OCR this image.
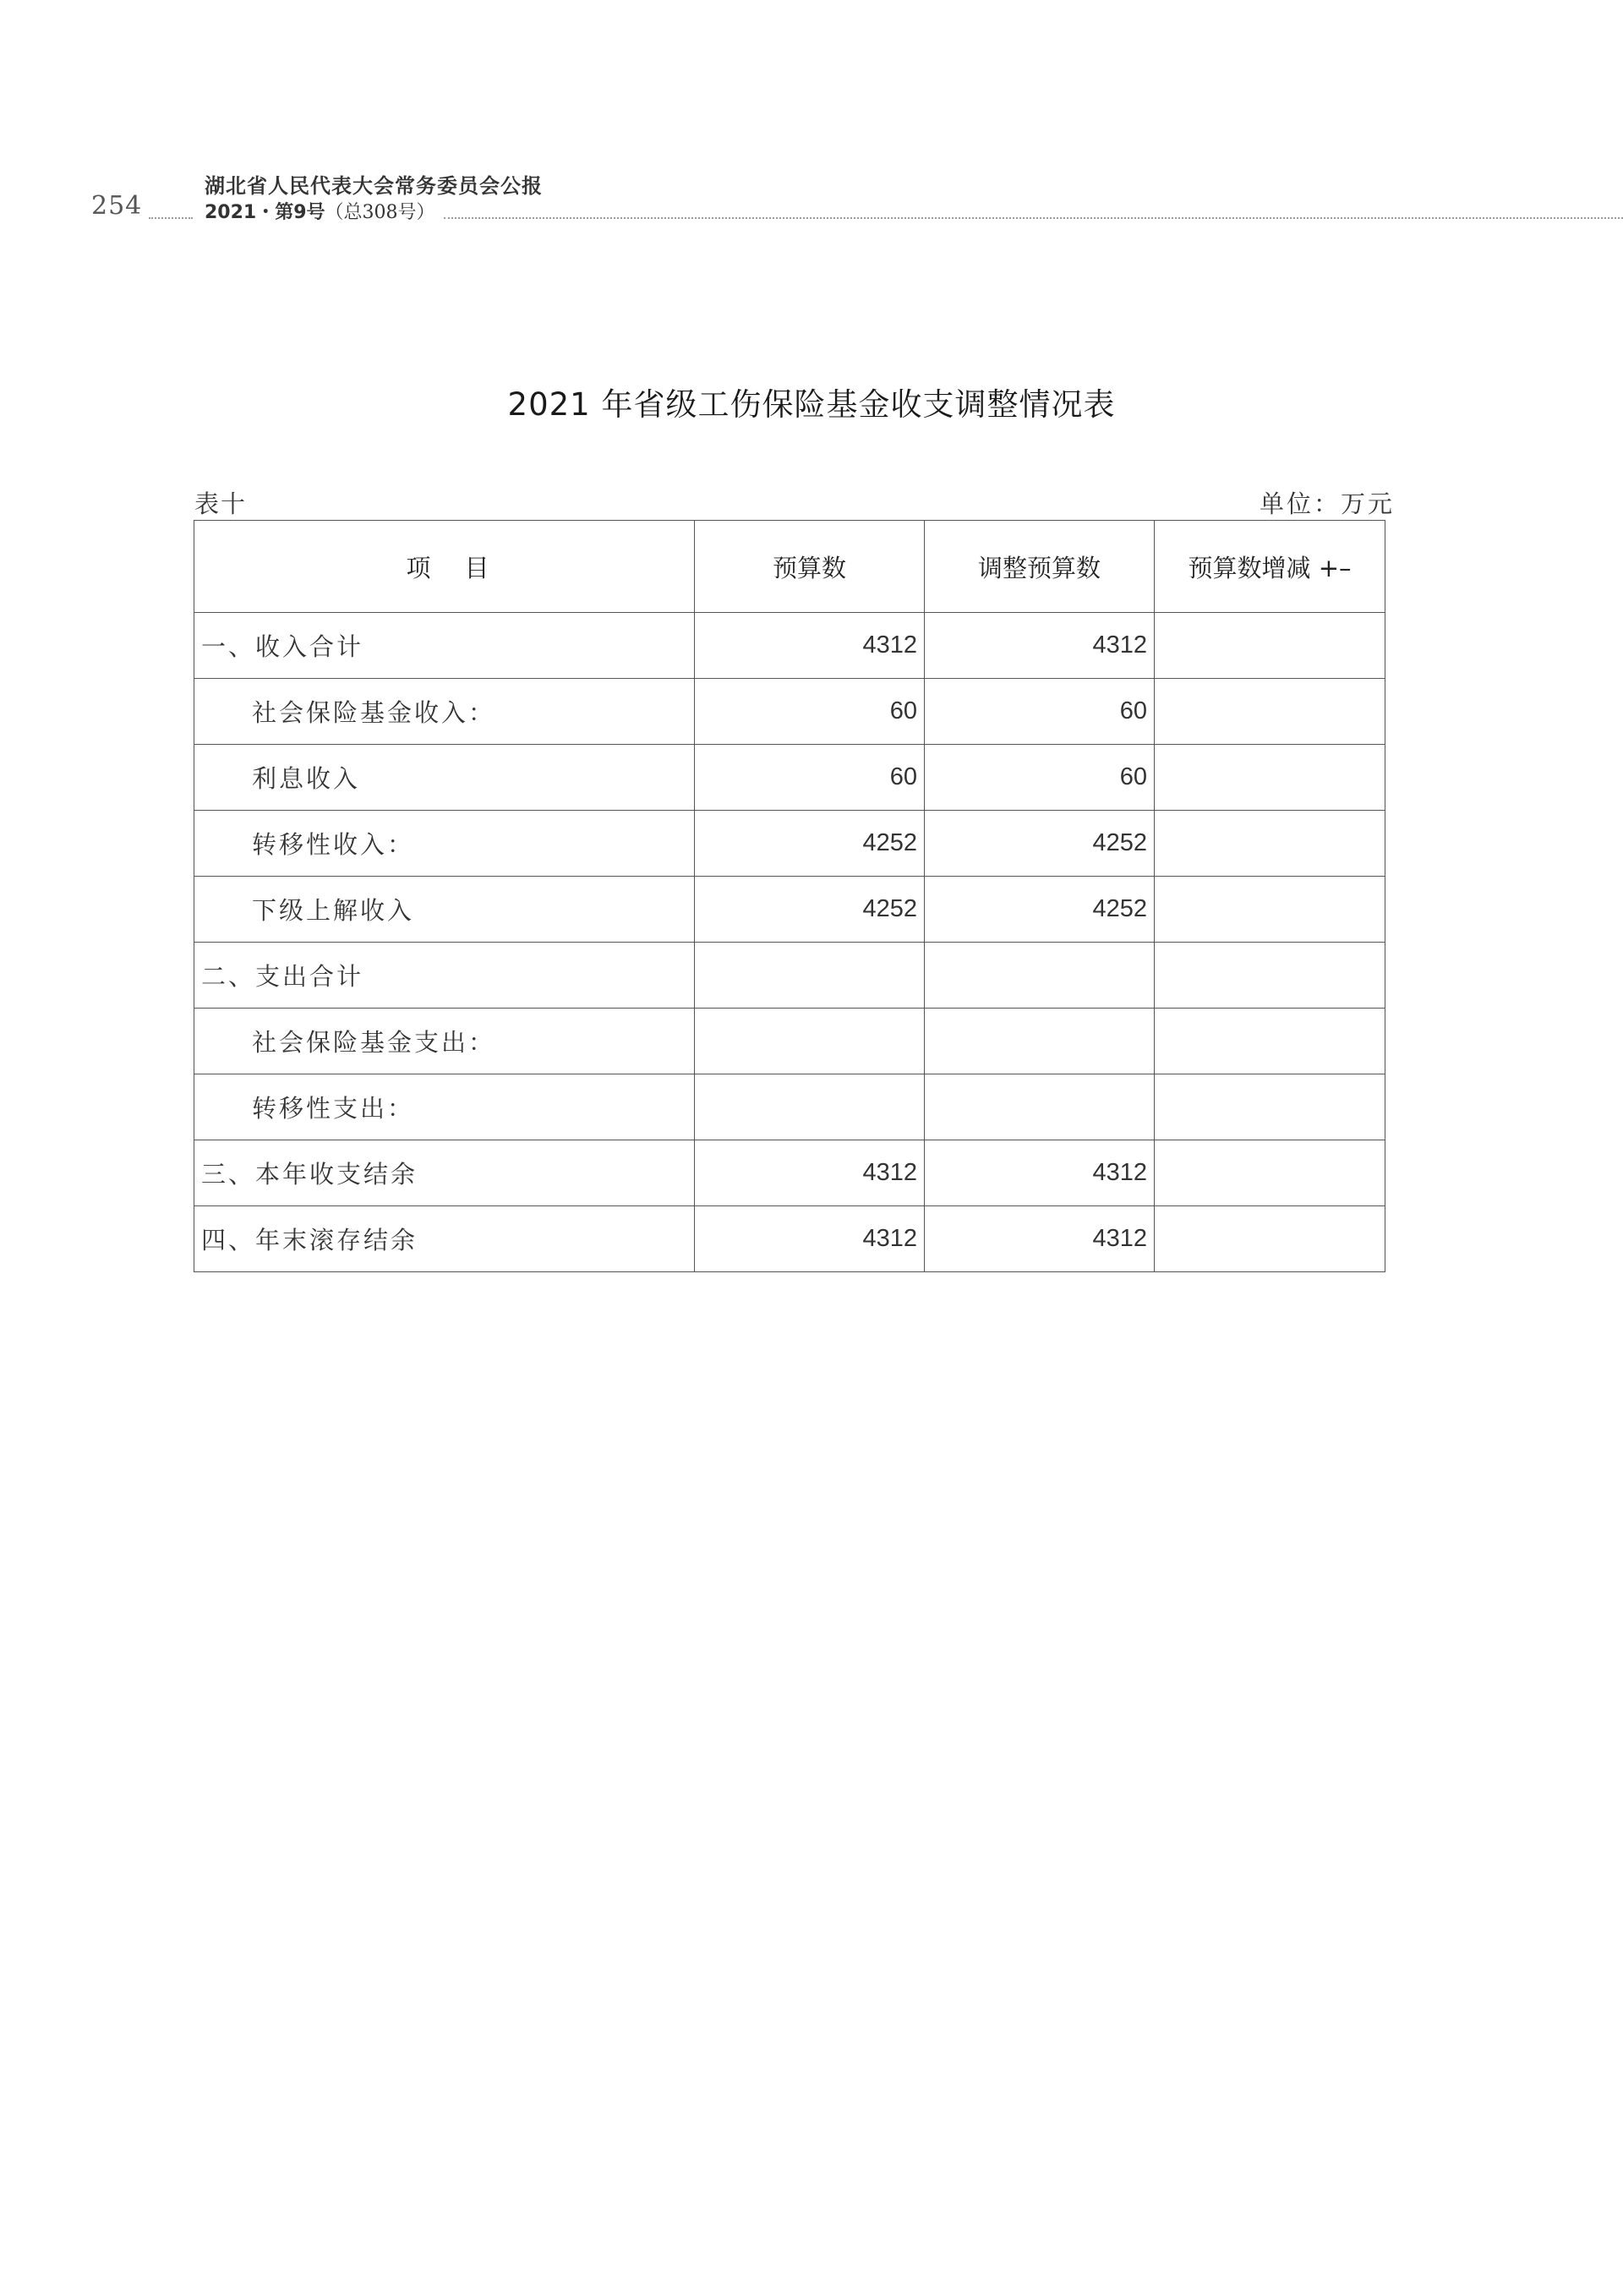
254
湖北省人民代表大会常务委员会公报
2021・第9号（总308号）
2021 年省级工伤保险基金收支调整情况表
表十	单位：万元
项目	预算数	调整预算数	预算数增减 +–
一、收入合计	4312	4312	
社会保险基金收入：	60	60	
利息收入	60	60	
转移性收入：	4252	4252	
下级上解收入	4252	4252	
二、支出合计			
社会保险基金支出：			
转移性支出：			
三、本年收支结余	4312	4312	
四、年末滚存结余	4312	4312	
